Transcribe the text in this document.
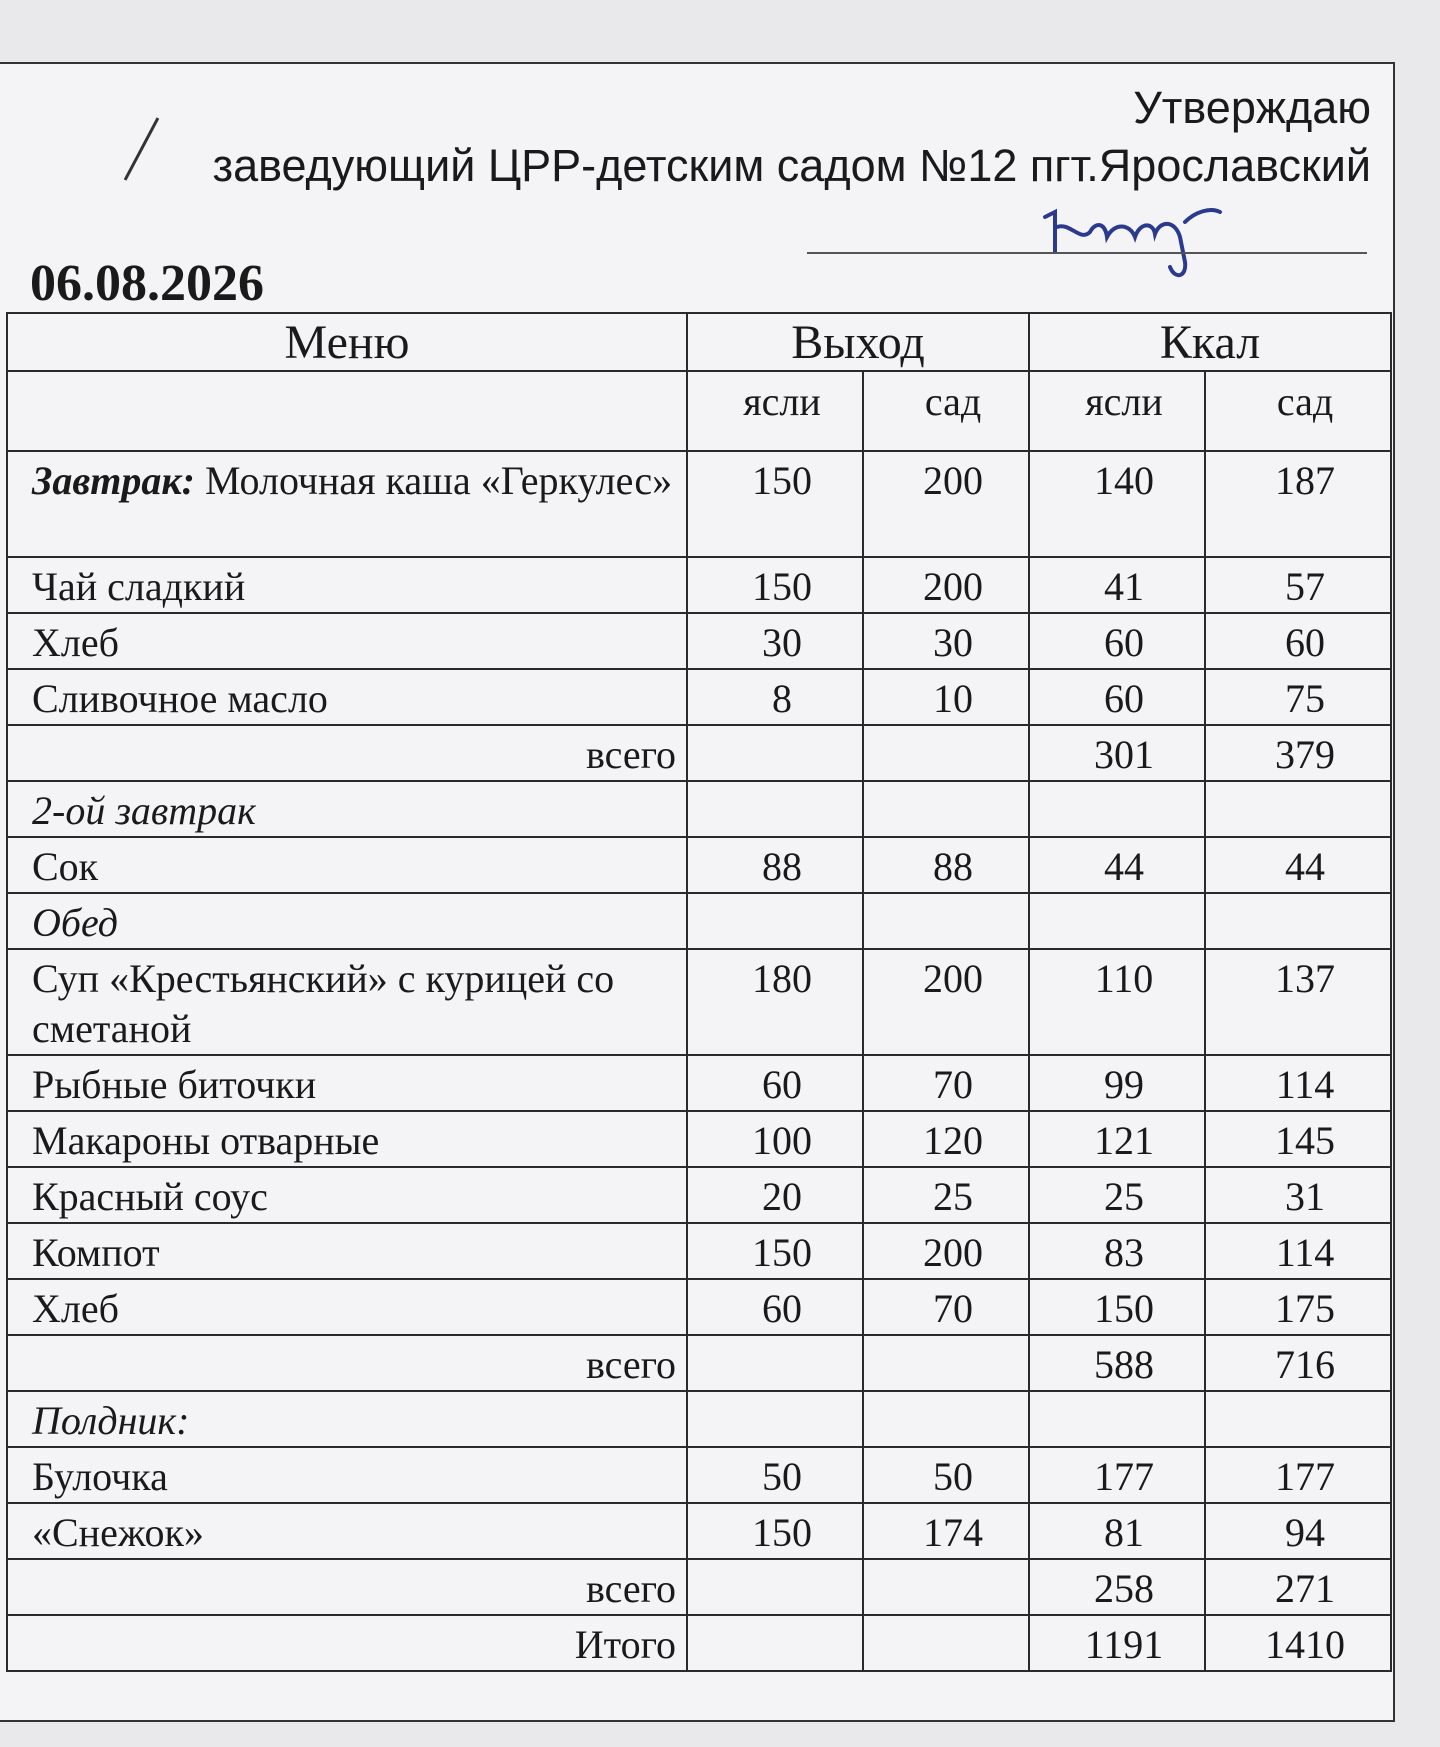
Утверждаю
заведующий ЦРР-детским садом №12 пгт.Ярославский
06.08.2026
Меню	Выход		Ккал	
	ясли	сад	ясли	сад
Завтрак: Молочная каша «Геркулес»	150	200	140	187
Чай сладкий	150	200	41	57
Хлеб	30	30	60	60
Сливочное масло	8	10	60	75
всего			301	379
2-ой завтрак				
Сок	88	88	44	44
Обед				
Суп «Крестьянский» с курицей со сметаной	180	200	110	137
Рыбные биточки	60	70	99	114
Макароны отварные	100	120	121	145
Красный соус	20	25	25	31
Компот	150	200	83	114
Хлеб	60	70	150	175
всего			588	716
Полдник:				
Булочка	50	50	177	177
«Снежок»	150	174	81	94
всего			258	271
Итого			1191	1410
